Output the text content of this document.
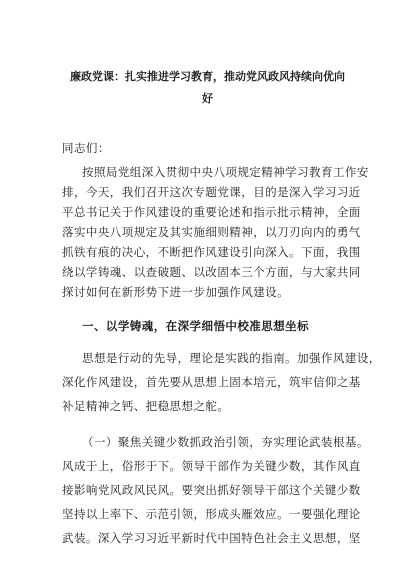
廉政党课：扎实推进学习教育，推动党风政风持续向优向
好

同志们：

按照局党组深入贯彻中央八项规定精神学习教育工作安

排，今天，我们召开这次专题党课，目的是深入学习习近

平总书记关于作风建设的重要论述和指示批示精神，全面

落实中央八项规定及其实施细则精神，以刀刃向内的勇气

抓铁有痕的决心，不断把作风建设引向深入。下面，我围

绕以学铸魂、以查破题、以改固本三个方面，与大家共同

探讨如何在新形势下进一步加强作风建设。

一、以学铸魂，在深学细悟中校准思想坐标

思想是行动的先导，理论是实践的指南。加强作风建设，

深化作风建设，首先要从思想上固本培元，筑牢信仰之基

补足精神之钙、把稳思想之舵。

（一）聚焦关键少数抓政治引领，夯实理论武装根基。

风成于上，俗形于下。领导干部作为关键少数，其作风直

接影响党风政风民风。要突出抓好领导干部这个关键少数

坚持以上率下、示范引领，形成头雁效应。一要强化理论

武装。深入学习习近平新时代中国特色社会主义思想，坚
